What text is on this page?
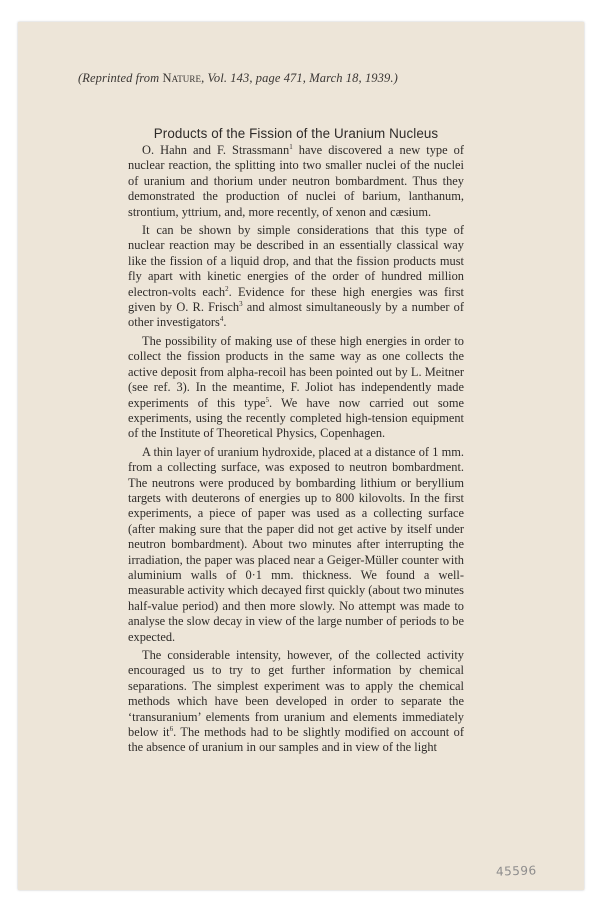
(Reprinted from Nature, Vol. 143, page 471, March 18, 1939.)

Products of the Fission of the Uranium Nucleus

O. Hahn and F. Strassmann$^1$ have discovered a new type of nuclear reaction, the splitting into two smaller nuclei of the nuclei of uranium and thorium under neutron bombardment. Thus they demonstrated the production of nuclei of barium, lanthanum, strontium, yttrium, and, more recently, of xenon and cæsium.

It can be shown by simple considerations that this type of nuclear reaction may be described in an essentially classical way like the fission of a liquid drop, and that the fission products must fly apart with kinetic energies of the order of hundred million electron-volts each$^2$. Evidence for these high energies was first given by O. R. Frisch$^3$ and almost simultaneously by a number of other investigators$^4$.

The possibility of making use of these high energies in order to collect the fission products in the same way as one collects the active deposit from alpha-recoil has been pointed out by L. Meitner (see ref. 3). In the meantime, F. Joliot has independently made experiments of this type$^5$. We have now carried out some experiments, using the recently completed high-tension equipment of the Institute of Theoretical Physics, Copenhagen.

A thin layer of uranium hydroxide, placed at a distance of 1 mm. from a collecting surface, was exposed to neutron bombardment. The neutrons were produced by bombarding lithium or beryllium targets with deuterons of energies up to 800 kilovolts. In the first experiments, a piece of paper was used as a collecting surface (after making sure that the paper did not get active by itself under neutron bombardment). About two minutes after interrupting the irradiation, the paper was placed near a Geiger-Müller counter with aluminium walls of 0·1 mm. thickness. We found a well-measurable activity which decayed first quickly (about two minutes half-value period) and then more slowly. No attempt was made to analyse the slow decay in view of the large number of periods to be expected.

The considerable intensity, however, of the collected activity encouraged us to try to get further information by chemical separations. The simplest experiment was to apply the chemical methods which have been developed in order to separate the ‘transuranium’ elements from uranium and elements immediately below $it^6$. The methods had to be slightly modified on account of the absence of uranium in our samples and in view of the light

45596
